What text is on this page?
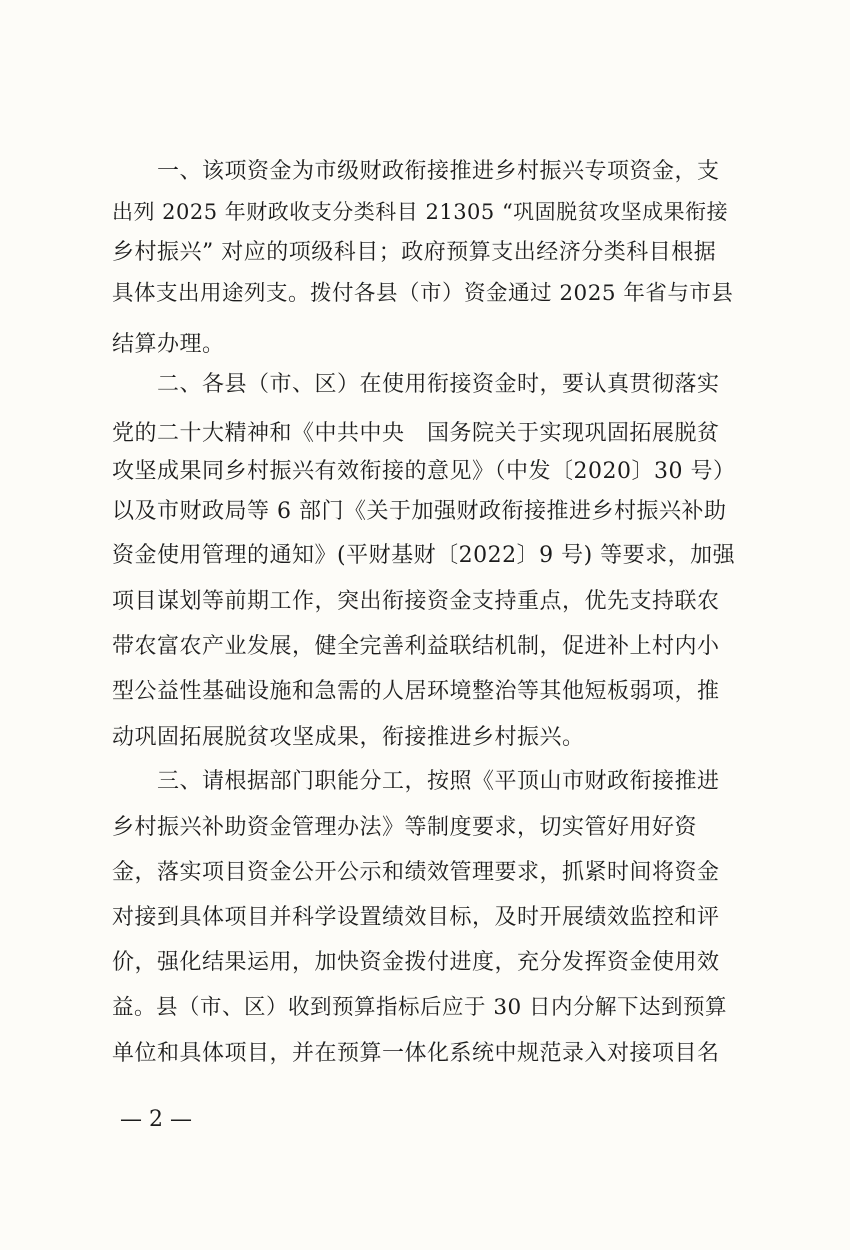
一、该项资金为市级财政衔接推进乡村振兴专项资金，支
出列 2025 年财政收支分类科目 21305 “巩固脱贫攻坚成果衔接
乡村振兴” 对应的项级科目；政府预算支出经济分类科目根据
具体支出用途列支。拨付各县（市）资金通过 2025 年省与市县
结算办理。
二、各县（市、区）在使用衔接资金时，要认真贯彻落实
党的二十大精神和《中共中央　国务院关于实现巩固拓展脱贫
攻坚成果同乡村振兴有效衔接的意见》（中发〔2020〕30 号）
以及市财政局等 6 部门《关于加强财政衔接推进乡村振兴补助
资金使用管理的通知》(平财基财〔2022〕9 号) 等要求，加强
项目谋划等前期工作，突出衔接资金支持重点，优先支持联农
带农富农产业发展，健全完善利益联结机制，促进补上村内小
型公益性基础设施和急需的人居环境整治等其他短板弱项，推
动巩固拓展脱贫攻坚成果，衔接推进乡村振兴。
三、请根据部门职能分工，按照《平顶山市财政衔接推进
乡村振兴补助资金管理办法》等制度要求，切实管好用好资
金，落实项目资金公开公示和绩效管理要求，抓紧时间将资金
对接到具体项目并科学设置绩效目标，及时开展绩效监控和评
价，强化结果运用，加快资金拨付进度，充分发挥资金使用效
益。县（市、区）收到预算指标后应于 30 日内分解下达到预算
单位和具体项目，并在预算一体化系统中规范录入对接项目名
— 2 —
